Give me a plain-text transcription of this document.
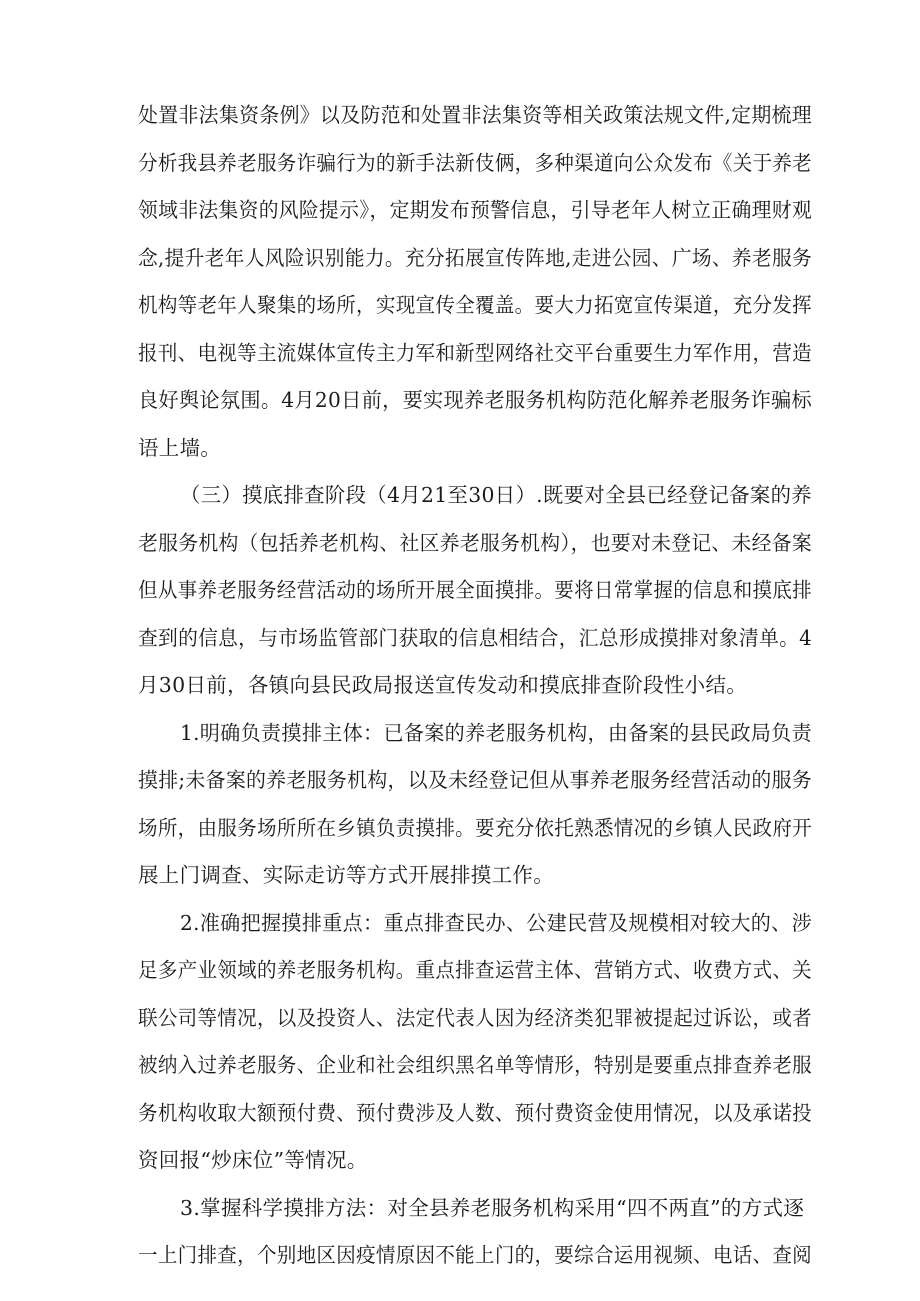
处置非法集资条例》以及防范和处置非法集资等相关政策法规文件,定期梳理
分析我县养老服务诈骗行为的新手法新伎俩，多种渠道向公众发布《关于养老
领域非法集资的风险提示》，定期发布预警信息，引导老年人树立正确理财观
念,提升老年人风险识别能力。充分拓展宣传阵地,走进公园、广场、养老服务
机构等老年人聚集的场所，实现宣传全覆盖。要大力拓宽宣传渠道，充分发挥
报刊、电视等主流媒体宣传主力军和新型网络社交平台重要生力军作用，营造
良好舆论氛围。4月20日前，要实现养老服务机构防范化解养老服务诈骗标
语上墙。
（三）摸底排查阶段（4月21至30日）.既要对全县已经登记备案的养
老服务机构（包括养老机构、社区养老服务机构），也要对未登记、未经备案
但从事养老服务经营活动的场所开展全面摸排。要将日常掌握的信息和摸底排
查到的信息，与市场监管部门获取的信息相结合，汇总形成摸排对象清单。4
月30日前，各镇向县民政局报送宣传发动和摸底排查阶段性小结。
1.明确负责摸排主体：已备案的养老服务机构，由备案的县民政局负责
摸排;未备案的养老服务机构，以及未经登记但从事养老服务经营活动的服务
场所，由服务场所所在乡镇负责摸排。要充分依托熟悉情况的乡镇人民政府开
展上门调查、实际走访等方式开展排摸工作。
2.准确把握摸排重点：重点排查民办、公建民营及规模相对较大的、涉
足多产业领域的养老服务机构。重点排查运营主体、营销方式、收费方式、关
联公司等情况，以及投资人、法定代表人因为经济类犯罪被提起过诉讼，或者
被纳入过养老服务、企业和社会组织黑名单等情形，特别是要重点排查养老服
务机构收取大额预付费、预付费涉及人数、预付费资金使用情况，以及承诺投
资回报“炒床位”等情况。
3.掌握科学摸排方法：对全县养老服务机构采用“四不两直”的方式逐
一上门排查，个别地区因疫情原因不能上门的，要综合运用视频、电话、查阅
